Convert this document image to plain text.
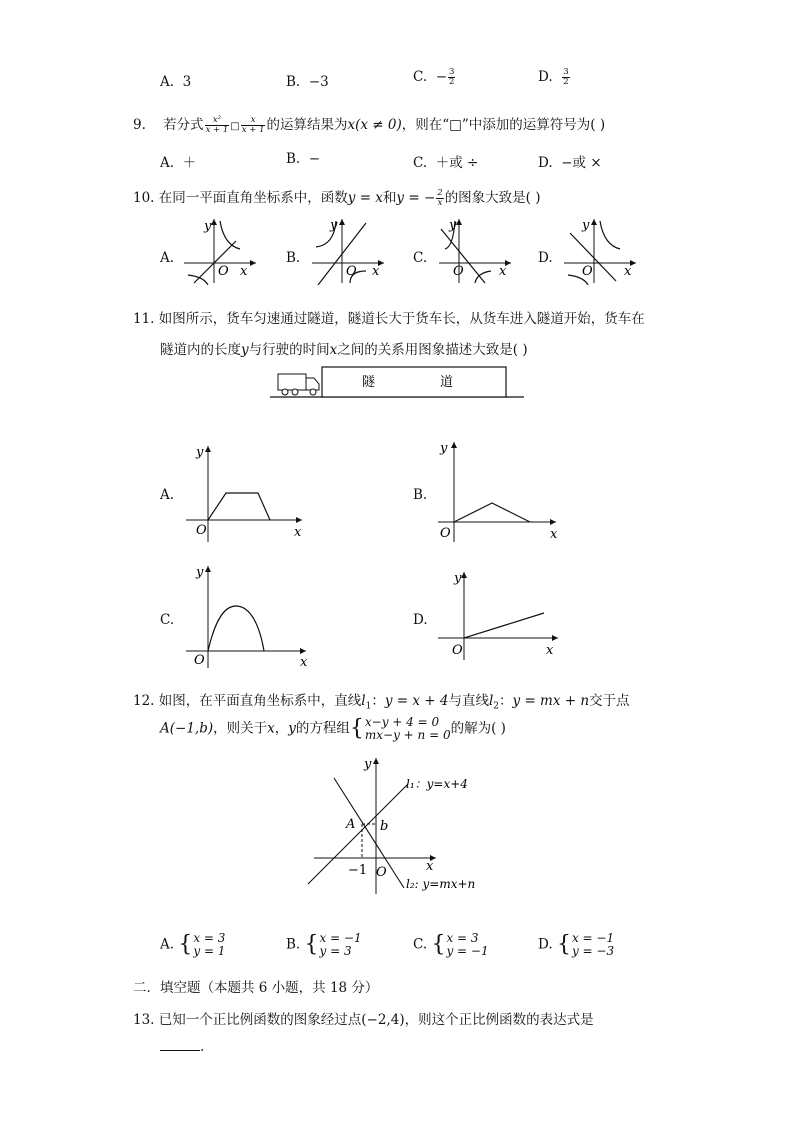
A. 3	B. −3	C. − $\frac{3}{2}$	D. $\frac{3}{2}$
9. 若分式 $\frac{\text{x²}}{x + 1}$ □ $\frac{x}{x + 1}$ 的运算结果为x(x ≠ 0)，则在“□”中添加的运算符号为( )
A. ＋	B. −	C. ＋或 ÷	D. −或 ×
10. 在同一平面直角坐标系中，函数y = x和y = − $\frac{2}{x}$ 的图象大致是( )
A.	B.	C.	D.
y
O x
y
O x
y
O	x
y
O x
11. 如图所示，货车匀速通过隧道，隧道长大于货车长，从货车进入隧道开始，货车在
隧道内的长度y与行驶的时间x之间的关系用图象描述大致是( )
隧	道
A.	B.
C.	D.
y
O	x
y
O	x
y
O	x
y
O	x
12. 如图，在平面直角坐标系中，直线$l_1$：y = x + 4与直线$l_2$：y = mx + n交于点
A(−1,b)，则关于x，y的方程组{ x−y + 4 = 0
mx−y + n = 0 的解为( )
y
l₁：y=x+4
A b
−1 O	x
l₂: y=mx+n
A. { x = 3
y = 1	B. { x = −1
y = 3	C. { x = 3
y = −1	D. { x = −1
y = −3
二．填空题（本题共 6 小题，共 18 分）
13. 已知一个正比例函数的图象经过点(−2,4)，则这个正比例函数的表达式是
.
